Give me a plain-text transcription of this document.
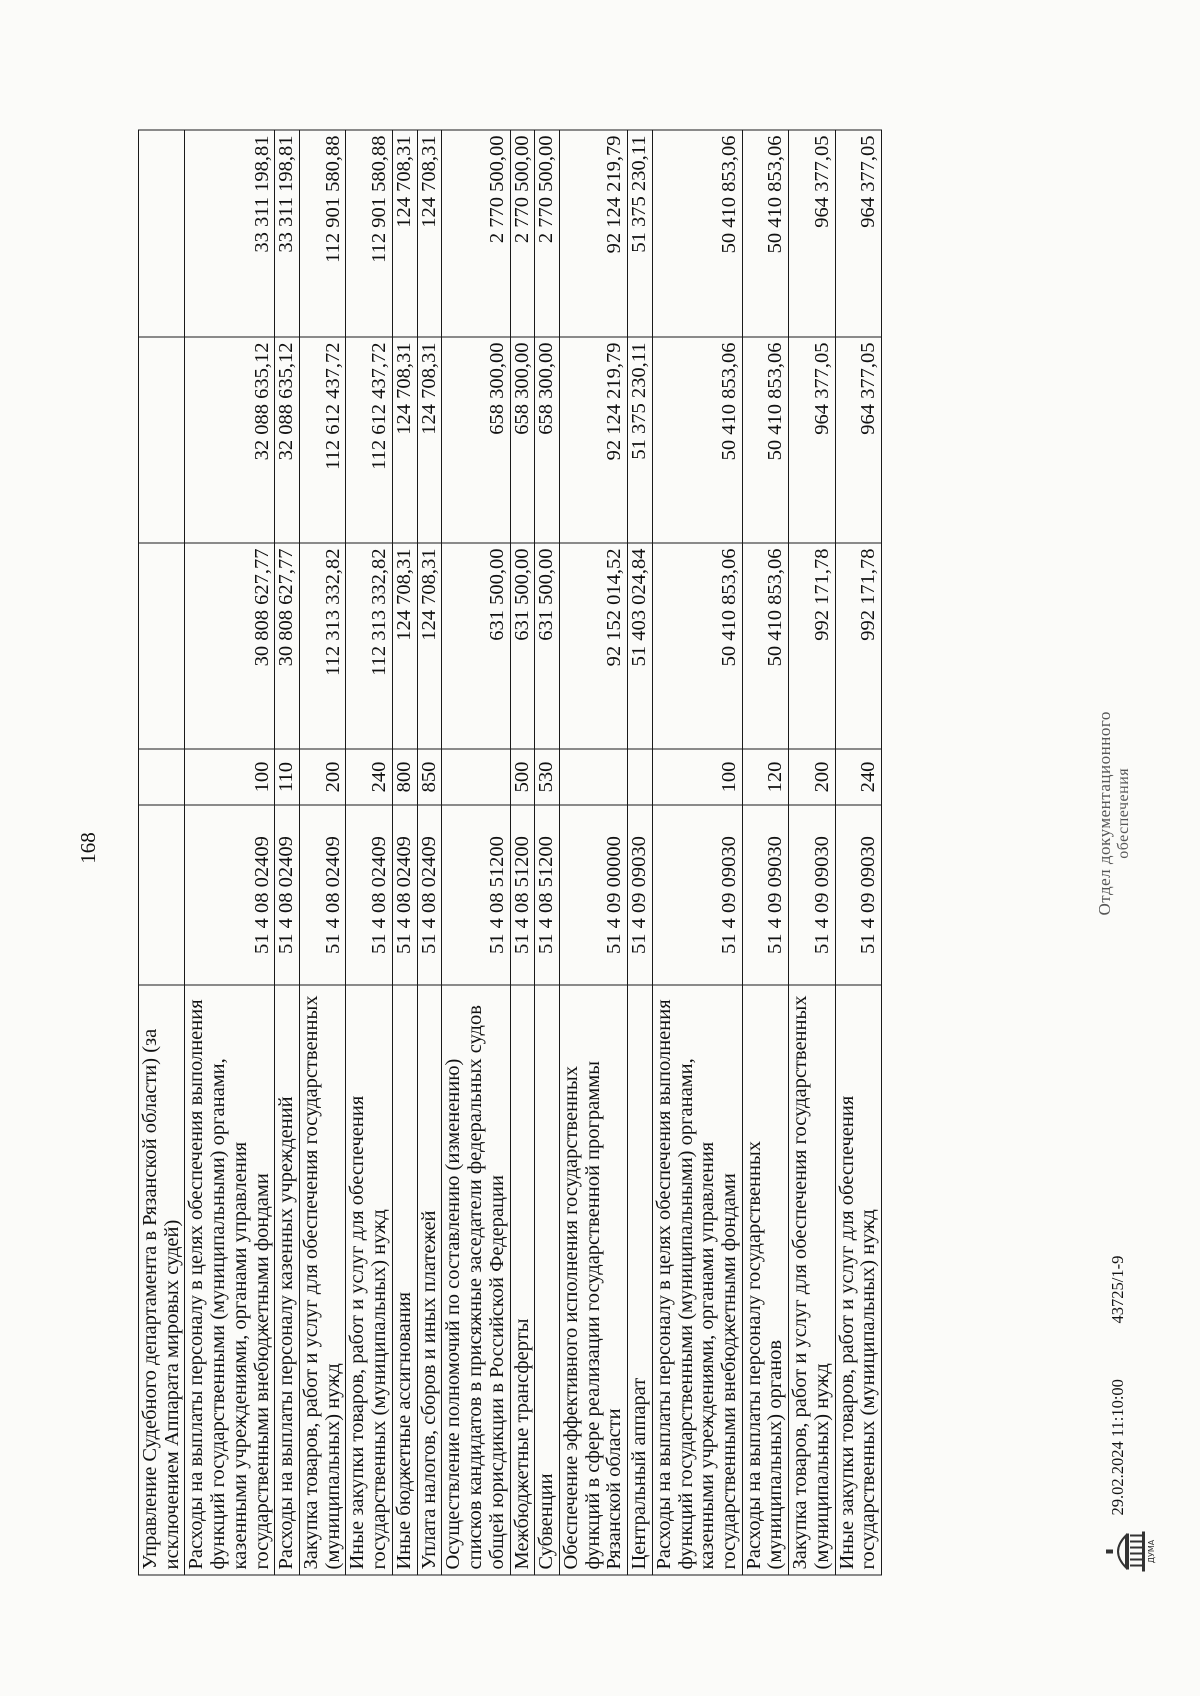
168
Управление Судебного департамента в Рязанской области) (за исключением Аппарата мировых судей)					
Расходы на выплаты персоналу в целях обеспечения выполнения функций государственными (муниципальными) органами, казенными учреждениями, органами управления государственными внебюджетными фондами	51 4 08 02409	100	30 808 627,77	32 088 635,12	33 311 198,81
Расходы на выплаты персоналу казенных учреждений	51 4 08 02409	110	30 808 627,77	32 088 635,12	33 311 198,81
Закупка товаров, работ и услуг для обеспечения государственных (муниципальных) нужд	51 4 08 02409	200	112 313 332,82	112 612 437,72	112 901 580,88
Иные закупки товаров, работ и услуг для обеспечения государственных (муниципальных) нужд	51 4 08 02409	240	112 313 332,82	112 612 437,72	112 901 580,88
Иные бюджетные ассигнования	51 4 08 02409	800	124 708,31	124 708,31	124 708,31
Уплата налогов, сборов и иных платежей	51 4 08 02409	850	124 708,31	124 708,31	124 708,31
Осуществление полномочий по составлению (изменению) списков кандидатов в присяжные заседатели федеральных судов общей юрисдикции в Российской Федерации	51 4 08 51200		631 500,00	658 300,00	2 770 500,00
Межбюджетные трансферты	51 4 08 51200	500	631 500,00	658 300,00	2 770 500,00
Субвенции	51 4 08 51200	530	631 500,00	658 300,00	2 770 500,00
Обеспечение эффективного исполнения государственных функций в сфере реализации государственной программы Рязанской области	51 4 09 00000		92 152 014,52	92 124 219,79	92 124 219,79
Центральный аппарат	51 4 09 09030		51 403 024,84	51 375 230,11	51 375 230,11
Расходы на выплаты персоналу в целях обеспечения выполнения функций государственными (муниципальными) органами, казенными учреждениями, органами управления государственными внебюджетными фондами	51 4 09 09030	100	50 410 853,06	50 410 853,06	50 410 853,06
Расходы на выплаты персоналу государственных (муниципальных) органов	51 4 09 09030	120	50 410 853,06	50 410 853,06	50 410 853,06
Закупка товаров, работ и услуг для обеспечения государственных (муниципальных) нужд	51 4 09 09030	200	992 171,78	964 377,05	964 377,05
Иные закупки товаров, работ и услуг для обеспечения государственных (муниципальных) нужд	51 4 09 09030	240	992 171,78	964 377,05	964 377,05
ДУМА
29.02.2024 11:10:00
43725/1-9
Отдел документационного обеспечения
